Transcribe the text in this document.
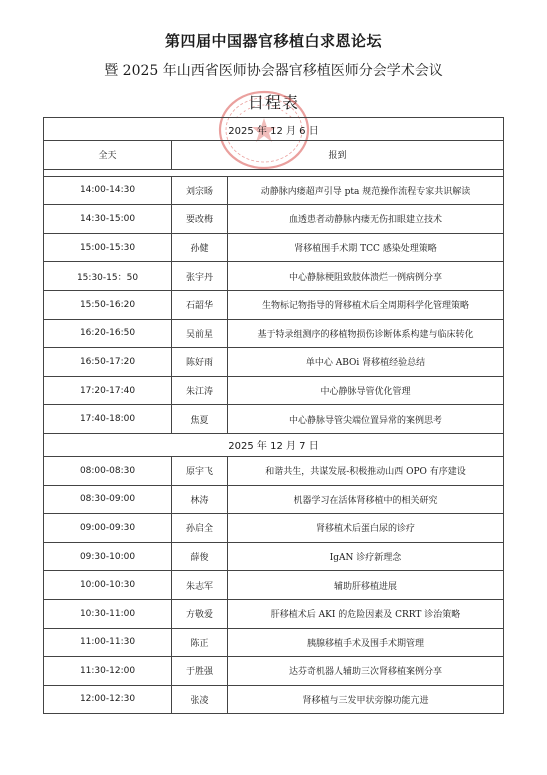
第四届中国器官移植白求恩论坛
暨 2025 年山西省医师协会器官移植医师分会学术会议
日程表
2025 年 12 月 6 日		
全天	报到	

14:00-14:30	刘宗旸	动静脉内瘘超声引导 pta 规范操作流程专家共识解读
14:30-15:00	要改梅	血透患者动静脉内瘘无伤扣眼建立技术
15:00-15:30	孙健	肾移植围手术期 TCC 感染处理策略
15:30-15：50	张宇丹	中心静脉梗阻致肢体溃烂一例病例分享
15:50-16:20	石韶华	生物标记物指导的肾移植术后全周期科学化管理策略
16:20-16:50	吴前星	基于特录组测序的移植物损伤诊断体系构建与临床转化
16:50-17:20	陈好雨	单中心 ABOi 肾移植经验总结
17:20-17:40	朱江涛	中心静脉导管优化管理
17:40-18:00	焦夏	中心静脉导管尖端位置异常的案例思考
2025 年 12 月 7 日		
08:00-08:30	原宇飞	和谐共生，共谋发展-积极推动山西 OPO 有序建设
08:30-09:00	林涛	机器学习在活体肾移植中的相关研究
09:00-09:30	孙启全	肾移植术后蛋白尿的诊疗
09:30-10:00	薛俊	IgAN 诊疗新理念
10:00-10:30	朱志军	辅助肝移植进展
10:30-11:00	方敬爱	肝移植术后 AKI 的危险因素及 CRRT 诊治策略
11:00-11:30	陈正	胰腺移植手术及围手术期管理
11:30-12:00	于胜强	达芬奇机器人辅助三次肾移植案例分享
12:00-12:30	张凌	肾移植与三发甲状旁腺功能亢进
